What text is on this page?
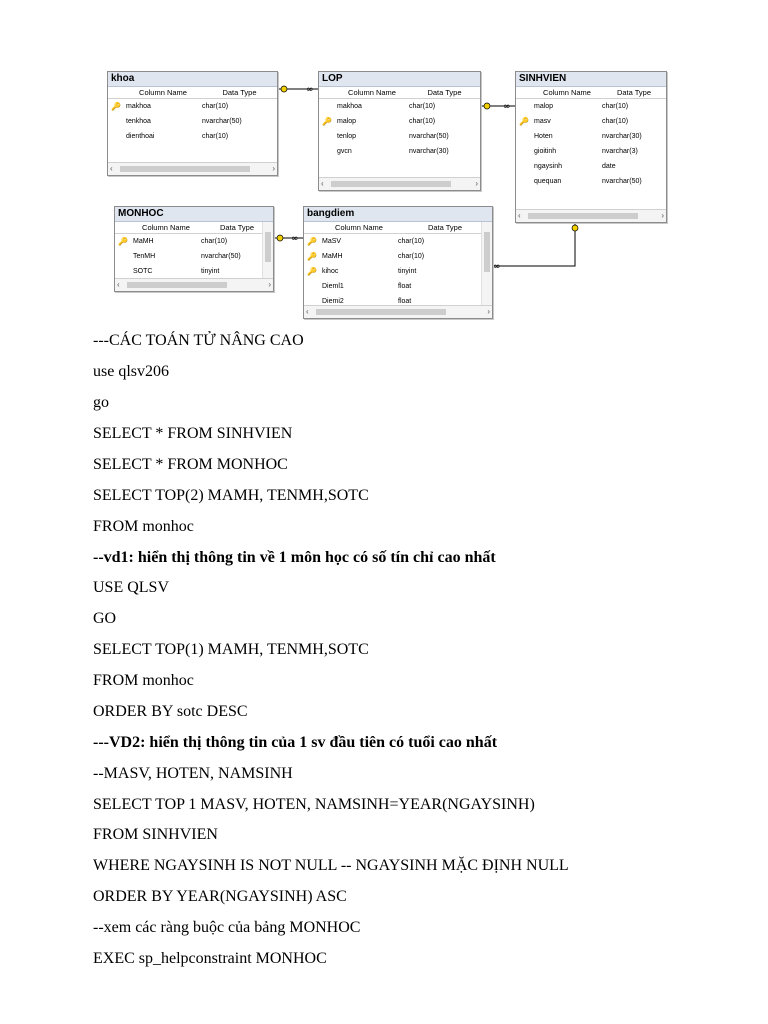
∞
∞
∞
∞
khoa
Column Name	Data Type
🔑 makhoa	char(10)
tenkhoa	nvarchar(50)
dienthoai	char(10)
‹	›
LOP
Column Name	Data Type
makhoa	char(10)
🔑 malop	char(10)
tenlop	nvarchar(50)
gvcn	nvarchar(30)
‹	›
SINHVIEN
Column Name	Data Type
malop	char(10)
🔑 masv	char(10)
Hoten	nvarchar(30)
gioitinh	nvarchar(3)
ngaysinh	date
quequan	nvarchar(50)
‹	›
MONHOC
Column Name	Data Type
🔑 MaMH	char(10)
TenMH	nvarchar(50)
SOTC	tinyint
‹	›
bangdiem
Column Name	Data Type
🔑 MaSV	char(10)
🔑 MaMH	char(10)
🔑 kihoc	tinyint
Dieml1	float
Diemi2	float
‹	›
---CÁC TOÁN TỬ NÂNG CAO
use qlsv206
go
SELECT * FROM SINHVIEN
SELECT * FROM MONHOC
SELECT TOP(2) MAMH, TENMH,SOTC
FROM monhoc
--vd1: hiển thị thông tin về 1 môn học có số tín chỉ cao nhất
USE QLSV
GO
SELECT TOP(1) MAMH, TENMH,SOTC
FROM monhoc
ORDER BY sotc DESC
---VD2: hiển thị thông tin của 1 sv đầu tiên có tuổi cao nhất
--MASV, HOTEN, NAMSINH
SELECT TOP 1 MASV, HOTEN, NAMSINH=YEAR(NGAYSINH)
FROM SINHVIEN
WHERE NGAYSINH IS NOT NULL -- NGAYSINH MẶC ĐỊNH NULL
ORDER BY YEAR(NGAYSINH) ASC
--xem các ràng buộc của bảng MONHOC
EXEC sp_helpconstraint MONHOC
